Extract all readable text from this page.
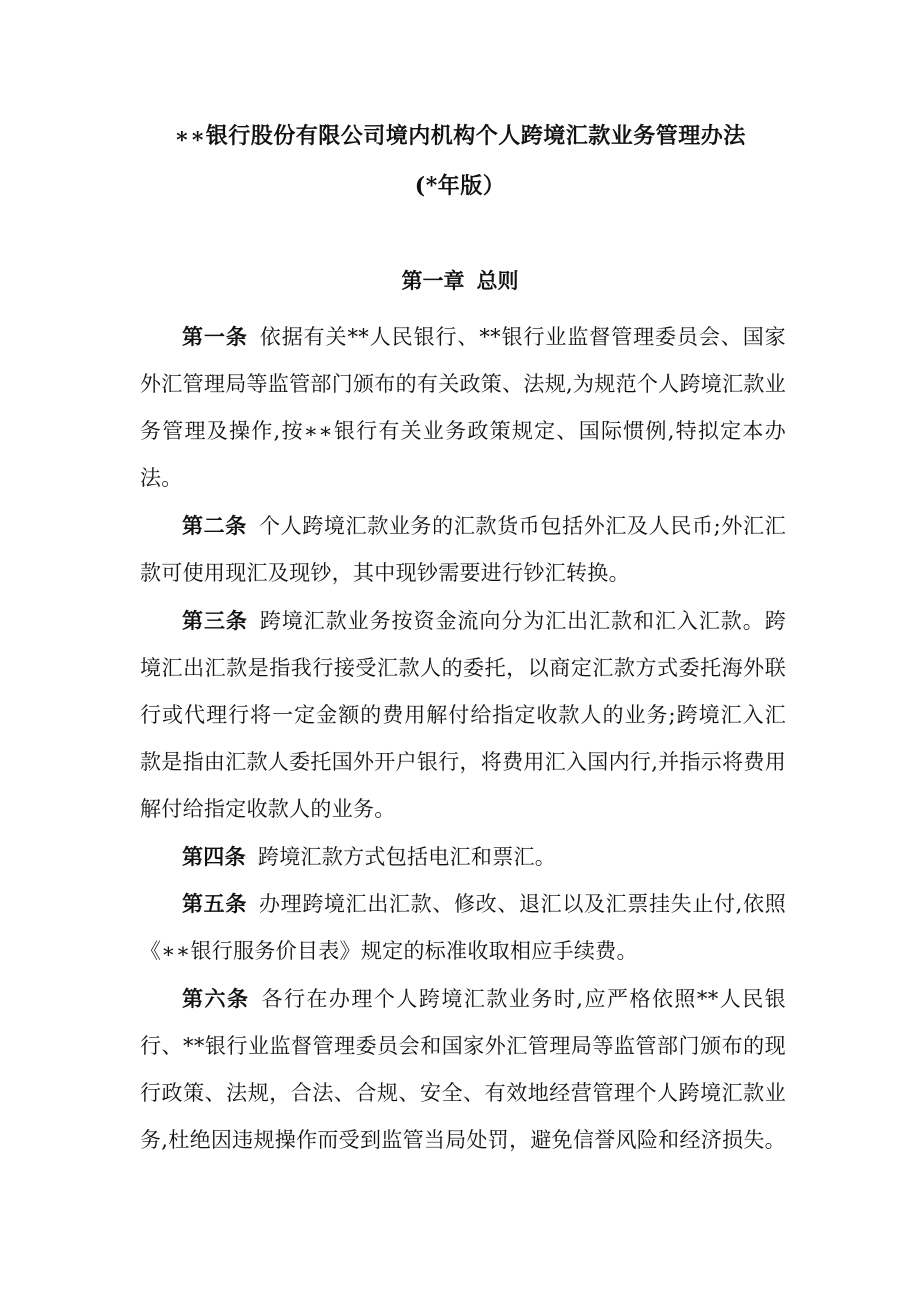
∗∗银行股份有限公司境内机构个人跨境汇款业务管理办法
(*年版）
第一章 总则
第一条 依据有关**人民银行、**银行业监督管理委员会、国家外汇管理局等监管部门颁布的有关政策、法规,为规范个人跨境汇款业务管理及操作,按∗∗银行有关业务政策规定、国际惯例,特拟定本办法。
第二条 个人跨境汇款业务的汇款货币包括外汇及人民币;外汇汇款可使用现汇及现钞，其中现钞需要进行钞汇转换。
第三条 跨境汇款业务按资金流向分为汇出汇款和汇入汇款。跨境汇出汇款是指我行接受汇款人的委托，以商定汇款方式委托海外联行或代理行将一定金额的费用解付给指定收款人的业务;跨境汇入汇款是指由汇款人委托国外开户银行，将费用汇入国内行,并指示将费用解付给指定收款人的业务。
第四条 跨境汇款方式包括电汇和票汇。
第五条 办理跨境汇出汇款、修改、退汇以及汇票挂失止付,依照《∗∗银行服务价目表》规定的标准收取相应手续费。
第六条 各行在办理个人跨境汇款业务时,应严格依照**人民银行、**银行业监督管理委员会和国家外汇管理局等监管部门颁布的现行政策、法规，合法、合规、安全、有效地经营管理个人跨境汇款业务,杜绝因违规操作而受到监管当局处罚，避免信誉风险和经济损失。
